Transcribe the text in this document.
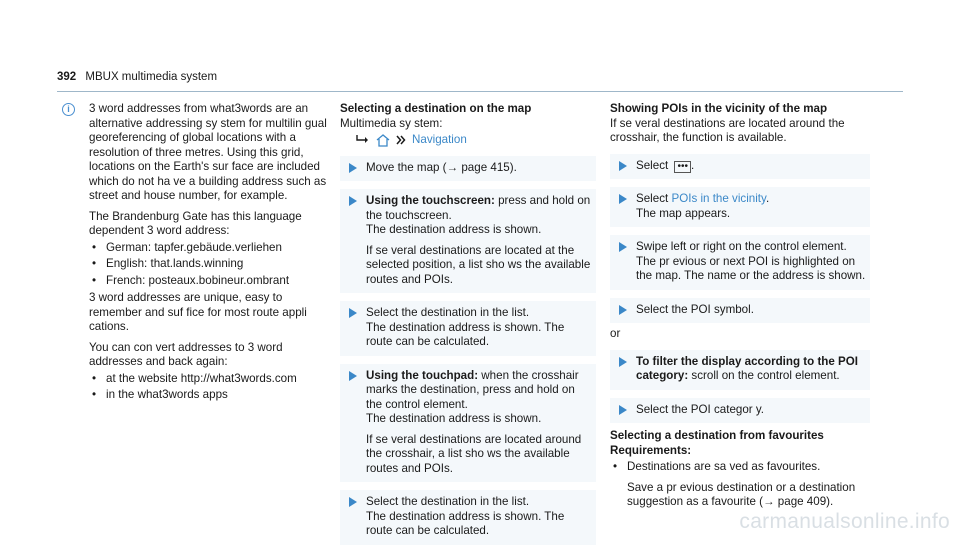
392 MBUX multimedia system
i	3 word addresses from what3words are an alternative addressing sy stem for multilin gual georeferencing of global locations with a resolution of three metres. Using this grid, locations on the Earth's sur face are included which do not ha ve a building address such as street and house number, for example.

The Brandenburg Gate has this language dependent 3 word address:

• German: tapfer.gebäude.verliehen
• English: that.lands.winning
• French: posteaux.bobineur.ombrant

3 word addresses are unique, easy to remember and suf fice for most route appli cations.

You can con vert addresses to 3 word addresses and back again:

• at the website http://what3words.com
• in the what3words apps

Selecting a destination on the map

Multimedia sy stem:

Navigation

Move the map (→ page 415).

Using the touchscreen: press and hold on the touchscreen.

The destination address is shown.

If se veral destinations are located at the selected position, a list sho ws the available routes and POIs.

Select the destination in the list.

The destination address is shown. The route can be calculated.

Using the touchpad: when the crosshair marks the destination, press and hold on the control element.

The destination address is shown.

If se veral destinations are located around the crosshair, a list sho ws the available routes and POIs.

Select the destination in the list.

The destination address is shown. The route can be calculated.

Showing POIs in the vicinity of the map

If se veral destinations are located around the crosshair, the function is available.

Select ••• .

Select POIs in the vicinity.

The map appears.

Swipe left or right on the control element.

The pr evious or next POI is highlighted on the map. The name or the address is shown.

Select the POI symbol.

or

To filter the display according to the POI category: scroll on the control element.

Select the POI categor y.

Selecting a destination from favourites

Requirements:

• Destinations are sa ved as favourites.

Save a pr evious destination or a destination suggestion as a favourite (→ page 409).

carmanualsonline.info
